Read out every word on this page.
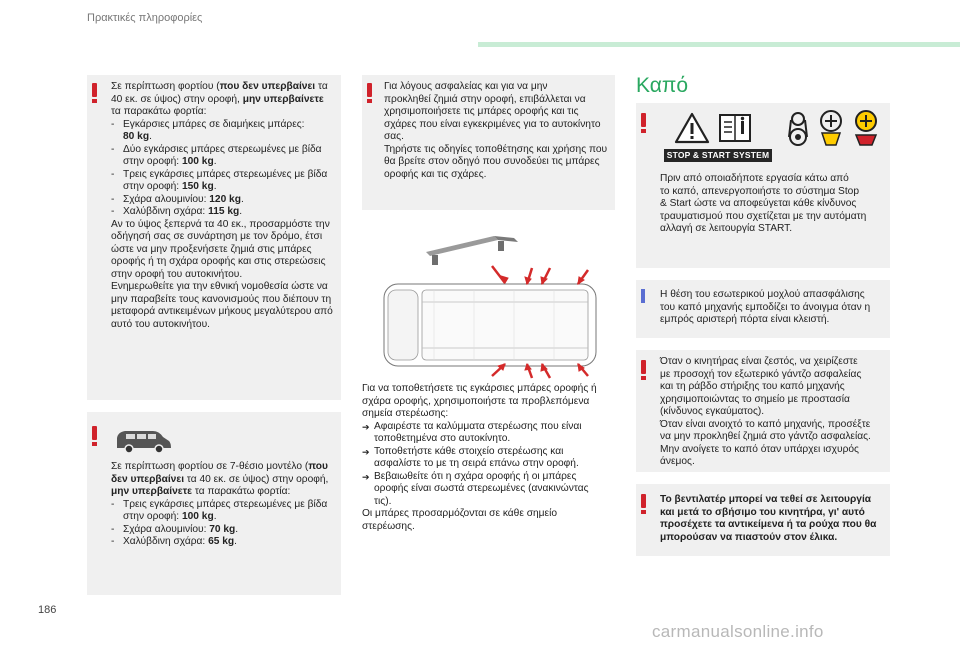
Πρακτικές πληροφορίες

Σε περίπτωση φορτίου (που δεν υπερβαίνει τα

40 εκ. σε ύψος) στην οροφή, μην υπερβαίνετε

τα παρακάτω φορτία:

- Εγκάρσιες μπάρες σε διαμήκεις μπάρες:
80 kg.
- Δύο εγκάρσιες μπάρες στερεωμένες με βίδα
στην οροφή: 100 kg.
- Τρεις εγκάρσιες μπάρες στερεωμένες με βίδα
στην οροφή: 150 kg.
- Σχάρα αλουμινίου: 120 kg.
- Χαλύβδινη σχάρα: 115 kg.

Αν το ύψος ξεπερνά τα 40 εκ., προσαρμόστε την

οδήγησή σας σε συνάρτηση με τον δρόμο, έτσι

ώστε να μην προξενήσετε ζημιά στις μπάρες

οροφής ή τη σχάρα οροφής και στις στερεώσεις

στην οροφή του αυτοκινήτου.

Ενημερωθείτε για την εθνική νομοθεσία ώστε να

μην παραβείτε τους κανονισμούς που διέπουν τη

μεταφορά αντικειμένων μήκους μεγαλύτερου από

αυτό του αυτοκινήτου.

Σε περίπτωση φορτίου σε 7-θέσιο μοντέλο (που

δεν υπερβαίνει τα 40 εκ. σε ύψος) στην οροφή,

μην υπερβαίνετε τα παρακάτω φορτία:

- Τρεις εγκάρσιες μπάρες στερεωμένες με βίδα
στην οροφή: 100 kg.
- Σχάρα αλουμινίου: 70 kg.
- Χαλύβδινη σχάρα: 65 kg.

Για λόγους ασφαλείας και για να μην

προκληθεί ζημιά στην οροφή, επιβάλλεται να

χρησιμοποιήσετε τις μπάρες οροφής και τις

σχάρες που είναι εγκεκριμένες για το αυτοκίνητο

σας.

Τηρήστε τις οδηγίες τοποθέτησης και χρήσης που

θα βρείτε στον οδηγό που συνοδεύει τις μπάρες

οροφής και τις σχάρες.

Για να τοποθετήσετε τις εγκάρσιες μπάρες οροφής ή

σχάρα οροφής, χρησιμοποιήστε τα προβλεπόμενα

σημεία στερέωσης:

➔ Αφαιρέστε τα καλύμματα στερέωσης που είναι
τοποθετημένα στο αυτοκίνητο.
➔ Τοποθετήστε κάθε στοιχείο στερέωσης και
ασφαλίστε το με τη σειρά επάνω στην οροφή.
➔ Βεβαιωθείτε ότι η σχάρα οροφής ή οι μπάρες
οροφής είναι σωστά στερεωμένες (ανακινώντας
τις).

Οι μπάρες προσαρμόζονται σε κάθε σημείο

στερέωσης.

Καπό
STOP & START SYSTEM

Πριν από οποιαδήποτε εργασία κάτω από

το καπό, απενεργοποιήστε το σύστημα Stop

& Start ώστε να αποφεύγεται κάθε κίνδυνος

τραυματισμού που σχετίζεται με την αυτόματη

αλλαγή σε λειτουργία START.

Η θέση του εσωτερικού μοχλού απασφάλισης

του καπό μηχανής εμποδίζει το άνοιγμα όταν η

εμπρός αριστερή πόρτα είναι κλειστή.

Όταν ο κινητήρας είναι ζεστός, να χειρίζεστε

με προσοχή τον εξωτερικό γάντζο ασφαλείας

και τη ράβδο στήριξης του καπό μηχανής

χρησιμοποιώντας το σημείο με προστασία

(κίνδυνος εγκαύματος).

Όταν είναι ανοιχτό το καπό μηχανής, προσέξτε

να μην προκληθεί ζημιά στο γάντζο ασφαλείας.

Μην ανοίγετε το καπό όταν υπάρχει ισχυρός

άνεμος.

Το βεντιλατέρ μπορεί να τεθεί σε λειτουργία

και μετά το σβήσιμο του κινητήρα, γι' αυτό

προσέχετε τα αντικείμενα ή τα ρούχα που θα

μπορούσαν να πιαστούν στον έλικα.

186
carmanualsonline.info
